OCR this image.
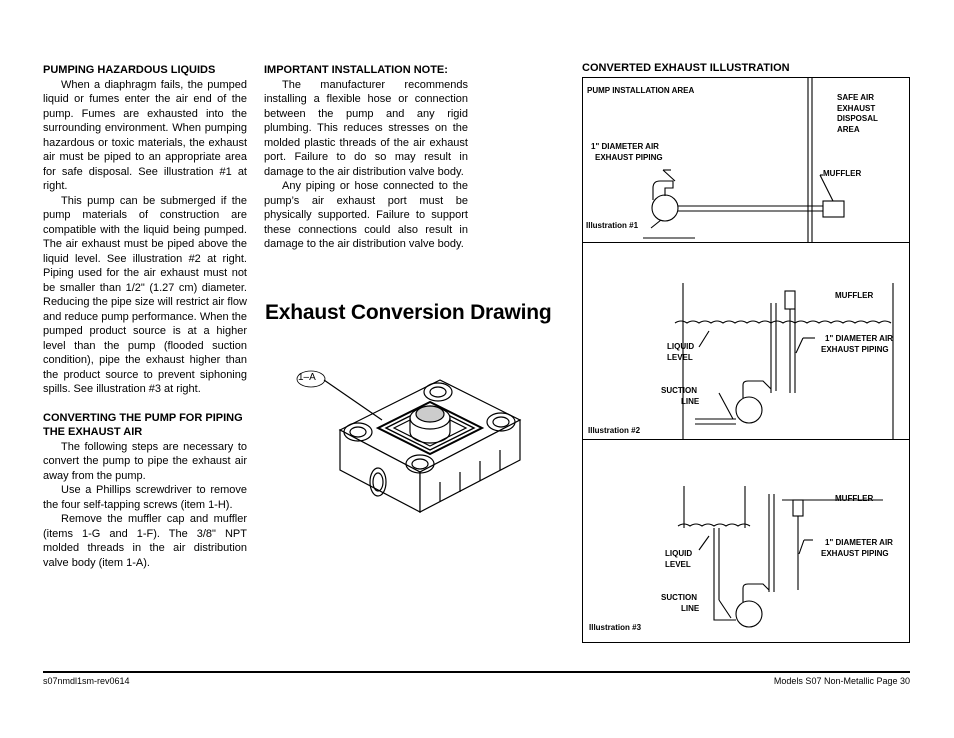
PUMPING HAZARDOUS LIQUIDS
When a diaphragm fails, the pumped liquid or fumes enter the air end of the pump. Fumes are exhausted into the surrounding environment. When pumping hazardous or toxic materials, the exhaust air must be piped to an appropriate area for safe disposal. See illustration #1 at right.
This pump can be submerged if the pump materials of construction are compatible with the liquid being pumped. The air exhaust must be piped above the liquid level. See illustration #2 at right. Piping used for the air exhaust must not be smaller than 1/2" (1.27 cm) diameter. Reducing the pipe size will restrict air flow and reduce pump performance. When the pumped product source is at a higher level than the pump (flooded suction condition), pipe the exhaust higher than the product source to prevent siphoning spills. See illustration #3 at right.
CONVERTING THE PUMP FOR PIPING THE EXHAUST AIR
The following steps are necessary to convert the pump to pipe the exhaust air away from the pump.
Use a Phillips screwdriver to remove the four self-tapping screws (item 1-H).
Remove the muffler cap and muffler (items 1-G and 1-F). The 3/8" NPT molded threads in the air distribution valve body (item 1-A).
IMPORTANT INSTALLATION NOTE:
The manufacturer recommends installing a flexible hose or connection between the pump and any rigid plumbing. This reduces stresses on the molded plastic threads of the air exhaust port. Failure to do so may result in damage to the air distribution valve body.
Any piping or hose connected to the pump’s air exhaust port must be physically supported. Failure to support these connections could also result in damage to the air distribution valve body.
Exhaust Conversion Drawing
1–A
CONVERTED EXHAUST ILLUSTRATION
PUMP INSTALLATION AREA
SAFE AIR
EXHAUST
DISPOSAL
AREA
1" DIAMETER AIR
EXHAUST PIPING
MUFFLER
Illustration #1
MUFFLER
1" DIAMETER AIR
EXHAUST PIPING
LIQUID
LEVEL
SUCTION
LINE
Illustration #2
MUFFLER
1" DIAMETER AIR
EXHAUST PIPING
LIQUID
LEVEL
SUCTION
LINE
Illustration #3
s07nmdl1sm-rev0614	Models S07 Non-Metallic Page 30
